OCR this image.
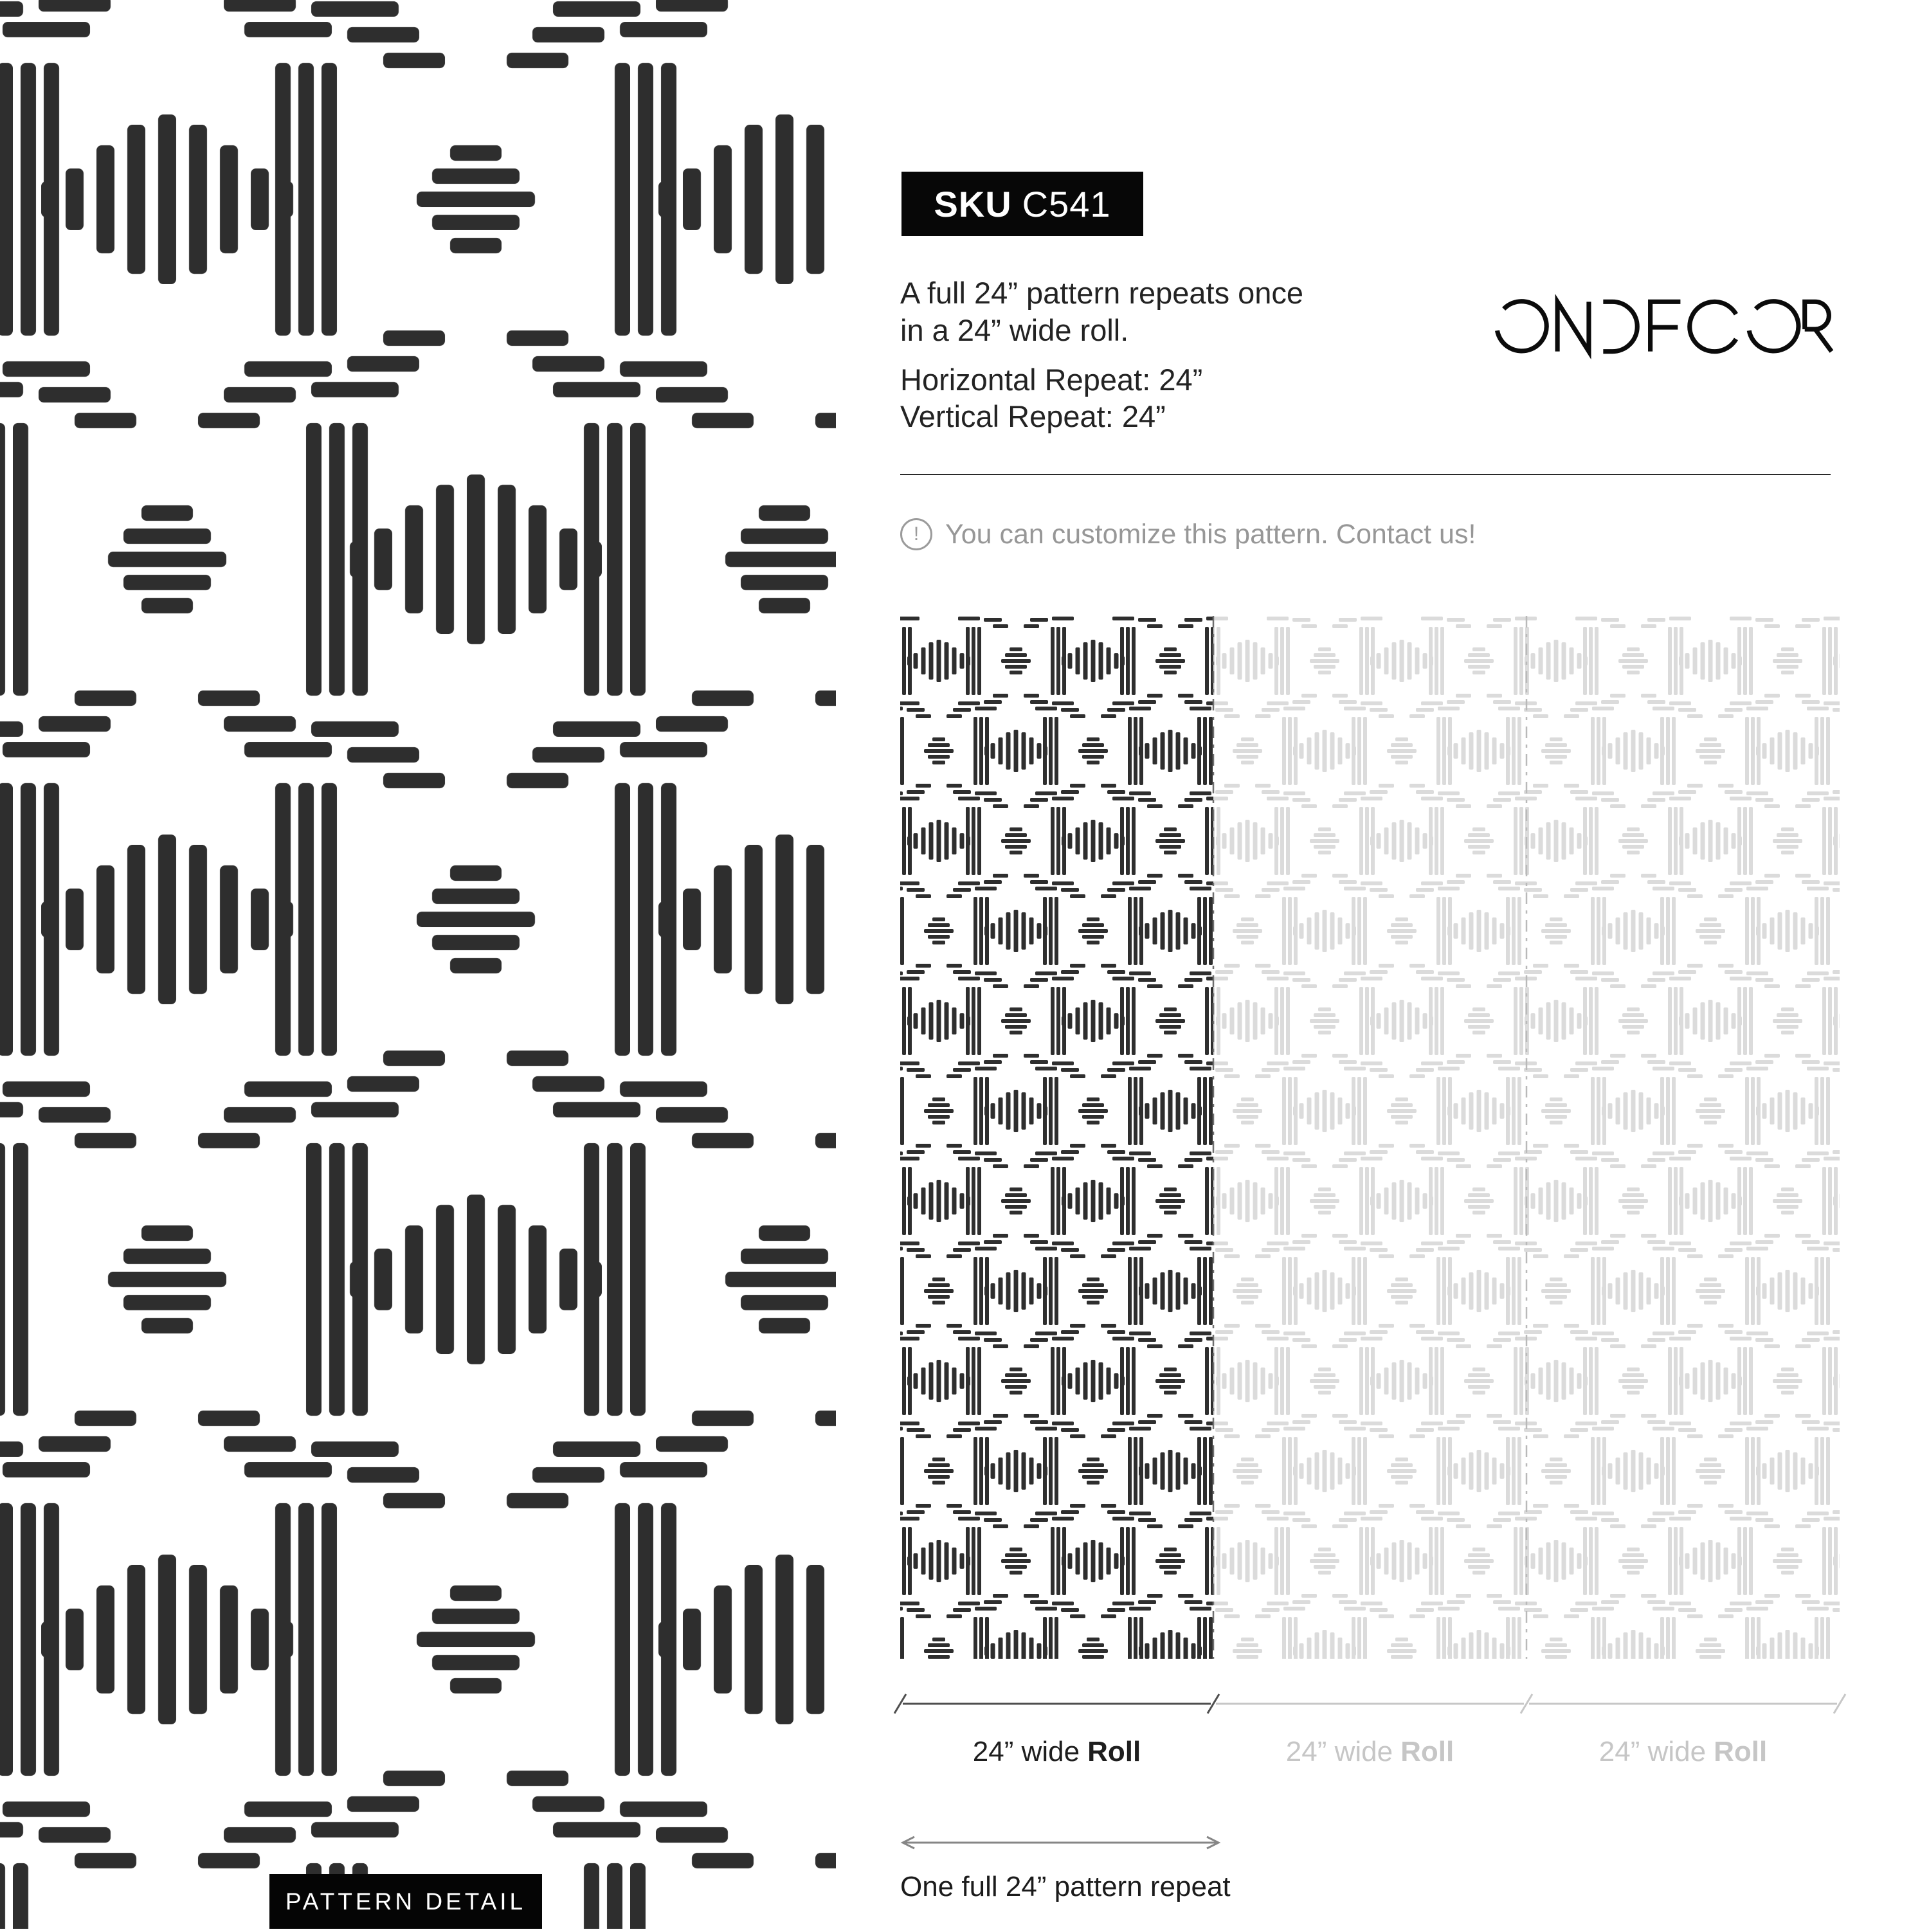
PATTERN DETAIL
SKU C541
A full 24” pattern repeats once
in a 24” wide roll.
Horizontal Repeat: 24”
Vertical Repeat: 24”
! You can customize this pattern. Contact us!
24” wide Roll	24” wide Roll	24” wide Roll
One full 24” pattern repeat
